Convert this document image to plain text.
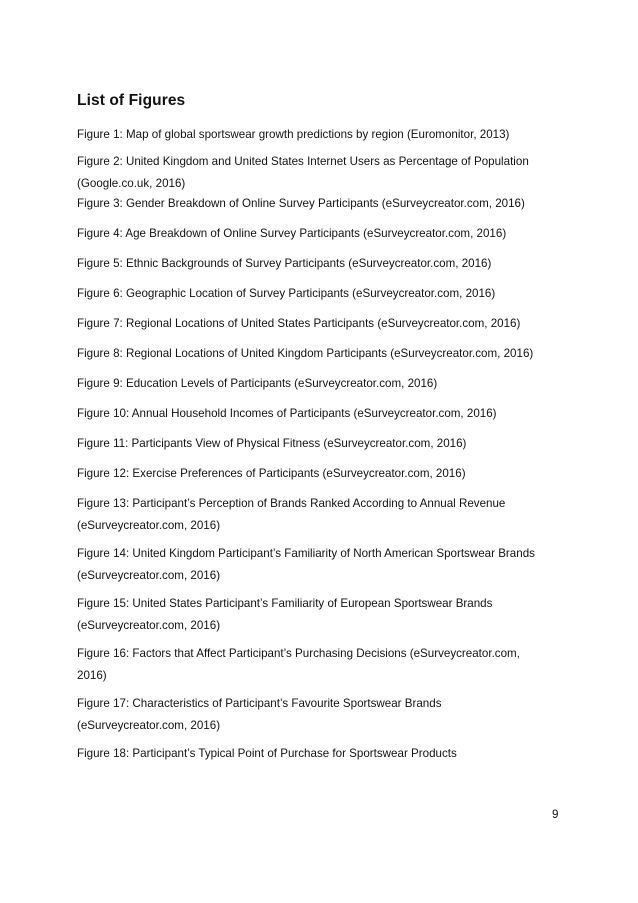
List of Figures
Figure 1: Map of global sportswear growth predictions by region (Euromonitor, 2013)
Figure 2: United Kingdom and United States Internet Users as Percentage of Population
(Google.co.uk, 2016)
Figure 3: Gender Breakdown of Online Survey Participants (eSurveycreator.com, 2016)
Figure 4: Age Breakdown of Online Survey Participants (eSurveycreator.com, 2016)
Figure 5: Ethnic Backgrounds of Survey Participants (eSurveycreator.com, 2016)
Figure 6: Geographic Location of Survey Participants (eSurveycreator.com, 2016)
Figure 7: Regional Locations of United States Participants (eSurveycreator.com, 2016)
Figure 8: Regional Locations of United Kingdom Participants (eSurveycreator.com, 2016)
Figure 9: Education Levels of Participants (eSurveycreator.com, 2016)
Figure 10: Annual Household Incomes of Participants (eSurveycreator.com, 2016)
Figure 11: Participants View of Physical Fitness (eSurveycreator.com, 2016)
Figure 12: Exercise Preferences of Participants (eSurveycreator.com, 2016)
Figure 13: Participant’s Perception of Brands Ranked According to Annual Revenue
(eSurveycreator.com, 2016)
Figure 14: United Kingdom Participant’s Familiarity of North American Sportswear Brands
(eSurveycreator.com, 2016)
Figure 15: United States Participant’s Familiarity of European Sportswear Brands
(eSurveycreator.com, 2016)
Figure 16: Factors that Affect Participant’s Purchasing Decisions (eSurveycreator.com,
2016)
Figure 17: Characteristics of Participant’s Favourite Sportswear Brands
(eSurveycreator.com, 2016)
Figure 18: Participant’s Typical Point of Purchase for Sportswear Products
9
